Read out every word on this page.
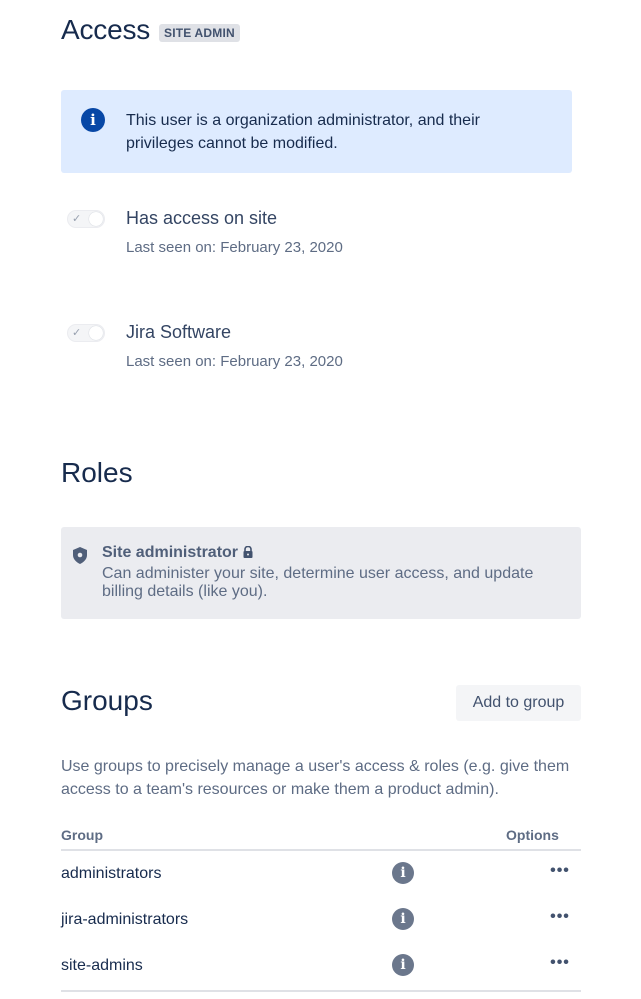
Access	SITE ADMIN
i	This user is a organization administrator, and their privileges cannot be modified.
✓ Has access on site
Last seen on: February 23, 2020
✓ Jira Software
Last seen on: February 23, 2020
Roles
Site administrator
Can administer your site, determine user access, and update billing details (like you).
Groups	Add to group
Use groups to precisely manage a user's access & roles (e.g. give them access to a team's resources or make them a product admin).
Group	Options
administrators	i	•••
jira-administrators	i	•••
site-admins	i	•••
